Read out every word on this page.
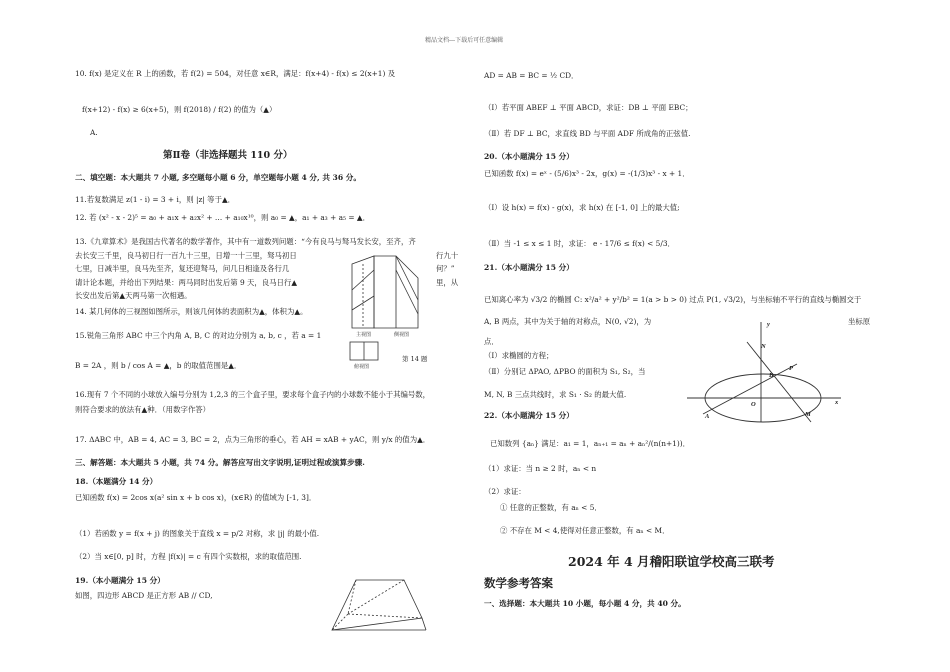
精品文档---下载后可任意编辑
10. f(x) 是定义在 R 上的函数，若 f(2) = 504，对任意 x∈R，满足：f(x+4) - f(x) ≤ 2(x+1) 及
f(x+12) - f(x) ≥ 6(x+5)，则 f(2018) / f(2) 的值为（▲）
A.
第Ⅱ卷（非选择题共 110 分）
二、填空题：本大题共 7 小题, 多空题每小题 6 分，单空题每小题 4 分, 共 36 分。
11.若复数满足 z(1 - i) = 3 + i，则 |z| 等于▲．
12. 若 (x² - x - 2)⁵ = a₀ + a₁x + a₂x² + … + a₁₀x¹⁰，则 a₀ = ▲，a₁ + a₃ + a₅ = ▲．
13.《九章算术》是我国古代著名的数学著作，其中有一道数列问题：“今有良马与驽马发长安，至齐，齐
去长安三千里，良马初日行一百九十三里，日增一十三里，驽马初日	行九十
七里，日减半里，良马先至齐，复还迎驽马，问几日相逢及各行几	何？”
请计论本题，并给出下列结果：两马同时出发后第 9 天，良马日行▲	里，从
长安出发后第▲天两马第一次相遇。
14. 某几何体的三视图如图所示，则该几何体的表面积为▲，体积为▲。
15.锐角三角形 ABC 中三个内角 A, B, C 的对边分别为 a, b, c ，若 a = 1
B = 2A ，则 b / cos A = ▲，b 的取值范围是▲．
16.现有 7 个不同的小球放入编号分别为 1,2,3 的三个盒子里，要求每个盒子内的小球数不能小于其编号数，
则符合要求的放法有▲种．（用数字作答）
17. ΔABC 中，AB = 4, AC = 3, BC = 2，点为三角形的垂心，若 AH = xAB + yAC，则 y/x 的值为▲．
三、解答题：本大题共 5 小题，共 74 分。解答应写出文字说明,证明过程或演算步骤.
18.（本题满分 14 分）
已知函数 f(x) = 2cos x(a² sin x + b cos x)，(x∈R) 的值域为 [-1, 3]．
（1）若函数 y = f(x + j) 的图象关于直线 x = p/2 对称，求 |j| 的最小值.
（2）当 x∈[0, p] 时，方程 |f(x)| = c 有四个实数根，求的取值范围.
19.（本小题满分 15 分）
如图，四边形 ABCD 是正方形 AB // CD,
主视图	侧视图
俯视图
第 14 题
AD = AB = BC = ½ CD．
（Ⅰ）若平面 ABEF ⊥ 平面 ABCD，求证：DB ⊥ 平面 EBC；
（Ⅱ）若 DF ⊥ BC，求直线 BD 与平面 ADF 所成角的正弦值.
20.（本小题满分 15 分）
已知函数 f(x) = eˣ - (5/6)x³ - 2x，g(x) = -(1/3)x³ - x + 1．
（Ⅰ）设 h(x) = f(x) - g(x)，求 h(x) 在 [-1, 0] 上的最大值;
（Ⅱ）当 -1 ≤ x ≤ 1 时，求证： e - 17/6 ≤ f(x) < 5/3．
21.（本小题满分 15 分）
已知离心率为 √3/2 的椭圆 C: x²/a² + y²/b² = 1(a > b > 0) 过点 P(1, √3/2)，与坐标轴不平行的直线与椭圆交于
A, B 两点，其中为关于轴的对称点，N(0, √2)，为	坐标原
点．
（Ⅰ）求椭圆的方程；
（Ⅱ）分别记 ΔPAO, ΔPBO 的面积为 S₁, S₂，当
M, N, B 三点共线时，求 S₁ · S₂ 的最大值.
22.（本小题满分 15 分）
已知数列 {aₙ} 满足：a₁ = 1，aₙ₊₁ = aₙ + aₙ²/(n(n+1))．
（1）求证：当 n ≥ 2 时，aₙ < n
（2）求证：
① 任意的正整数，有 aₙ < 5．
② 不存在 M < 4,使得对任意正整数，有 aₙ < M．
2024 年 4 月稽阳联谊学校高三联考
数学参考答案
一、选择题：本大题共 10 小题，每小题 4 分，共 40 分。
y
x
N
P
B
O
A	M
